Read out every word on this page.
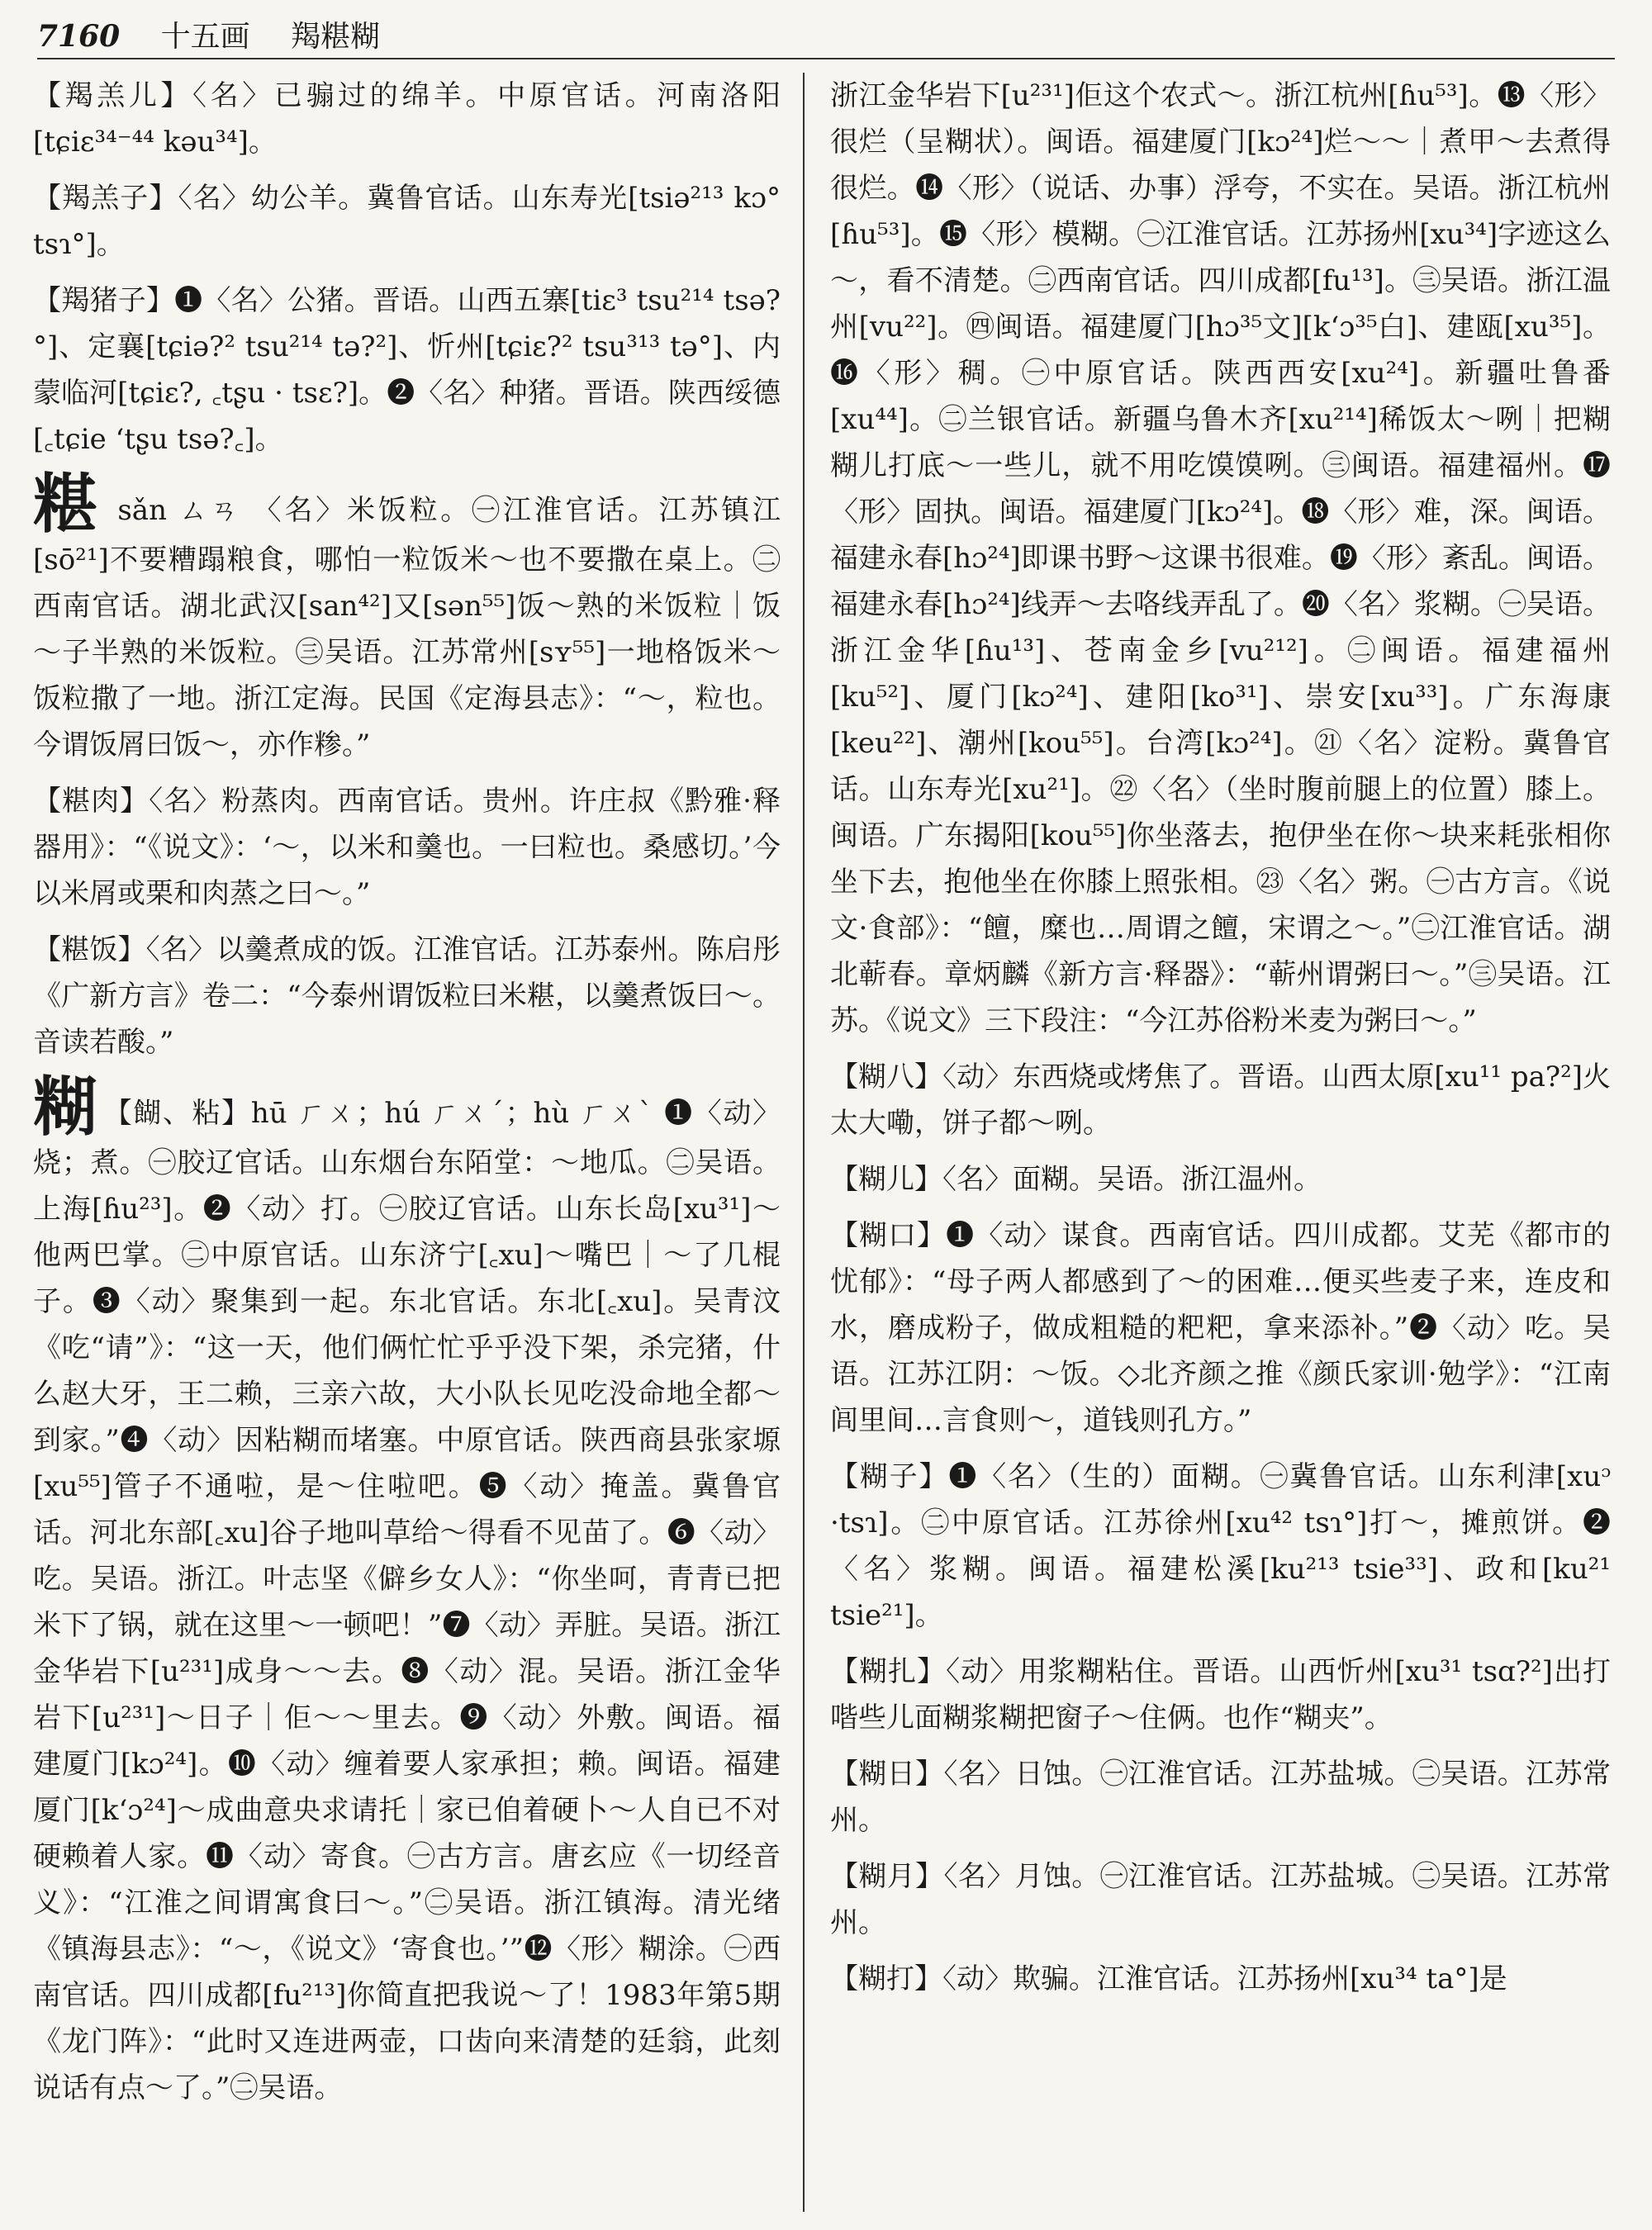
7160 十五画 羯糂糊

【羯羔儿】〈名〉已骟过的绵羊。中原官话。河南洛阳[tɕiɛ³⁴⁻⁴⁴ kəu³⁴]。

【羯羔子】〈名〉幼公羊。冀鲁官话。山东寿光[tsiə²¹³ kɔ° tsɿ°]。

【羯猪子】❶〈名〉公猪。晋语。山西五寨[tiɛ³ tsu²¹⁴ tsə?°]、定襄[tɕiə?² tsu²¹⁴ tə?²]、忻州[tɕiɛ?² tsu³¹³ tə°]、内蒙临河[tɕiɛ?, ꜀tʂu · tsɛ?]。❷〈名〉种猪。晋语。陕西绥德[꜀tɕie ‘tʂu tsə?꜀]。

糂 sǎn ㄙㄢ 〈名〉米饭粒。㊀江淮官话。江苏镇江[sō²¹]不要糟蹋粮食，哪怕一粒饭米～也不要撒在桌上。㊁西南官话。湖北武汉[san⁴²]又[sən⁵⁵]饭～熟的米饭粒｜饭～子半熟的米饭粒。㊂吴语。江苏常州[sʏ⁵⁵]一地格饭米～饭粒撒了一地。浙江定海。民国《定海县志》：“～，粒也。今谓饭屑曰饭～，亦作糁。”

【糂肉】〈名〉粉蒸肉。西南官话。贵州。许庄叔《黔雅·释器用》：“《说文》：‘～，以米和羹也。一曰粒也。桑感切。’今以米屑或栗和肉蒸之曰～。”

【糂饭】〈名〉以羹煮成的饭。江淮官话。江苏泰州。陈启彤《广新方言》卷二：“今泰州谓饭粒曰米糂，以羹煮饭曰～。音读若酸。”

糊 【餬、粘】hū ㄏㄨ；hú ㄏㄨˊ；hù ㄏㄨˋ ❶〈动〉烧；煮。㊀胶辽官话。山东烟台东陌堂：～地瓜。㊁吴语。上海[ɦu²³]。❷〈动〉打。㊀胶辽官话。山东长岛[xu³¹]～他两巴掌。㊁中原官话。山东济宁[꜀xu]～嘴巴｜～了几棍子。❸〈动〉聚集到一起。东北官话。东北[꜀xu]。吴青汶《吃“请”》：“这一天，他们俩忙忙乎乎没下架，杀完猪，什么赵大牙，王二赖，三亲六故，大小队长见吃没命地全都～到家。”❹〈动〉因粘糊而堵塞。中原官话。陕西商县张家塬[xu⁵⁵]管子不通啦，是～住啦吧。❺〈动〉掩盖。冀鲁官话。河北东部[꜀xu]谷子地叫草给～得看不见苗了。❻〈动〉吃。吴语。浙江。叶志坚《僻乡女人》：“你坐呵，青青已把米下了锅，就在这里～一顿吧！”❼〈动〉弄脏。吴语。浙江金华岩下[u²³¹]成身～～去。❽〈动〉混。吴语。浙江金华岩下[u²³¹]～日子｜佢～～里去。❾〈动〉外敷。闽语。福建厦门[kɔ²⁴]。❿〈动〉缠着要人家承担；赖。闽语。福建厦门[k‘ɔ²⁴]～成曲意央求请托｜家已㑑着硬卜～人自已不对硬赖着人家。⓫〈动〉寄食。㊀古方言。唐玄应《一切经音义》：“江淮之间谓寓食曰～。”㊁吴语。浙江镇海。清光绪《镇海县志》：“～，《说文》‘寄食也。’”⓬〈形〉糊涂。㊀西南官话。四川成都[fu²¹³]你简直把我说～了！1983年第5期《龙门阵》：“此时又连进两壶，口齿向来清楚的廷翁，此刻说话有点～了。”㊁吴语。

浙江金华岩下[u²³¹]佢这个农式～。浙江杭州[ɦu⁵³]。⓭〈形〉很烂（呈糊状）。闽语。福建厦门[kɔ²⁴]烂～～｜煮甲～去煮得很烂。⓮〈形〉（说话、办事）浮夸，不实在。吴语。浙江杭州[ɦu⁵³]。⓯〈形〉模糊。㊀江淮官话。江苏扬州[xu³⁴]字迹这么～，看不清楚。㊁西南官话。四川成都[fu¹³]。㊂吴语。浙江温州[vu²²]。㊃闽语。福建厦门[hɔ³⁵文][k‘ɔ³⁵白]、建瓯[xu³⁵]。⓰〈形〉稠。㊀中原官话。陕西西安[xu²⁴]。新疆吐鲁番[xu⁴⁴]。㊁兰银官话。新疆乌鲁木齐[xu²¹⁴]稀饭太～咧｜把糊糊儿打底～一些儿，就不用吃馍馍咧。㊂闽语。福建福州。⓱〈形〉固执。闽语。福建厦门[kɔ²⁴]。⓲〈形〉难，深。闽语。福建永春[hɔ²⁴]即课书野～这课书很难。⓳〈形〉紊乱。闽语。福建永春[hɔ²⁴]线弄～去咯线弄乱了。⓴〈名〉浆糊。㊀吴语。浙江金华[ɦu¹³]、苍南金乡[vu²¹²]。㊁闽语。福建福州[ku⁵²]、厦门[kɔ²⁴]、建阳[ko³¹]、崇安[xu³³]。广东海康[keu²²]、潮州[kou⁵⁵]。台湾[kɔ²⁴]。㉑〈名〉淀粉。冀鲁官话。山东寿光[xu²¹]。㉒〈名〉（坐时腹前腿上的位置）膝上。闽语。广东揭阳[kou⁵⁵]你坐落去，抱伊坐在你～块来耗张相你坐下去，抱他坐在你膝上照张相。㉓〈名〉粥。㊀古方言。《说文·食部》：“饘，糜也…周谓之饘，宋谓之～。”㊁江淮官话。湖北蕲春。章炳麟《新方言·释器》：“蕲州谓粥曰～。”㊂吴语。江苏。《说文》三下段注：“今江苏俗粉米麦为粥曰～。”

【糊八】〈动〉东西烧或烤焦了。晋语。山西太原[xu¹¹ pa?²]火太大嘞，饼子都～咧。

【糊儿】〈名〉面糊。吴语。浙江温州。

【糊口】❶〈动〉谋食。西南官话。四川成都。艾芜《都市的忧郁》：“母子两人都感到了～的困难…便买些麦子来，连皮和水，磨成粉子，做成粗糙的粑粑，拿来添补。”❷〈动〉吃。吴语。江苏江阴：～饭。◇北齐颜之推《颜氏家训·勉学》：“江南闾里间…言食则～，道钱则孔方。”

【糊子】❶〈名〉（生的）面糊。㊀冀鲁官话。山东利津[xuᵓ ·tsɿ]。㊁中原官话。江苏徐州[xu⁴² tsɿ°]打～，摊煎饼。❷〈名〉浆糊。闽语。福建松溪[ku²¹³ tsie³³]、政和[ku²¹ tsie²¹]。

【糊扎】〈动〉用浆糊粘住。晋语。山西忻州[xu³¹ tsɑ?²]出打喈些儿面糊浆糊把窗子～住俩。也作“糊夹”。

【糊日】〈名〉日蚀。㊀江淮官话。江苏盐城。㊁吴语。江苏常州。

【糊月】〈名〉月蚀。㊀江淮官话。江苏盐城。㊁吴语。江苏常州。

【糊打】〈动〉欺骗。江淮官话。江苏扬州[xu³⁴ ta°]是
